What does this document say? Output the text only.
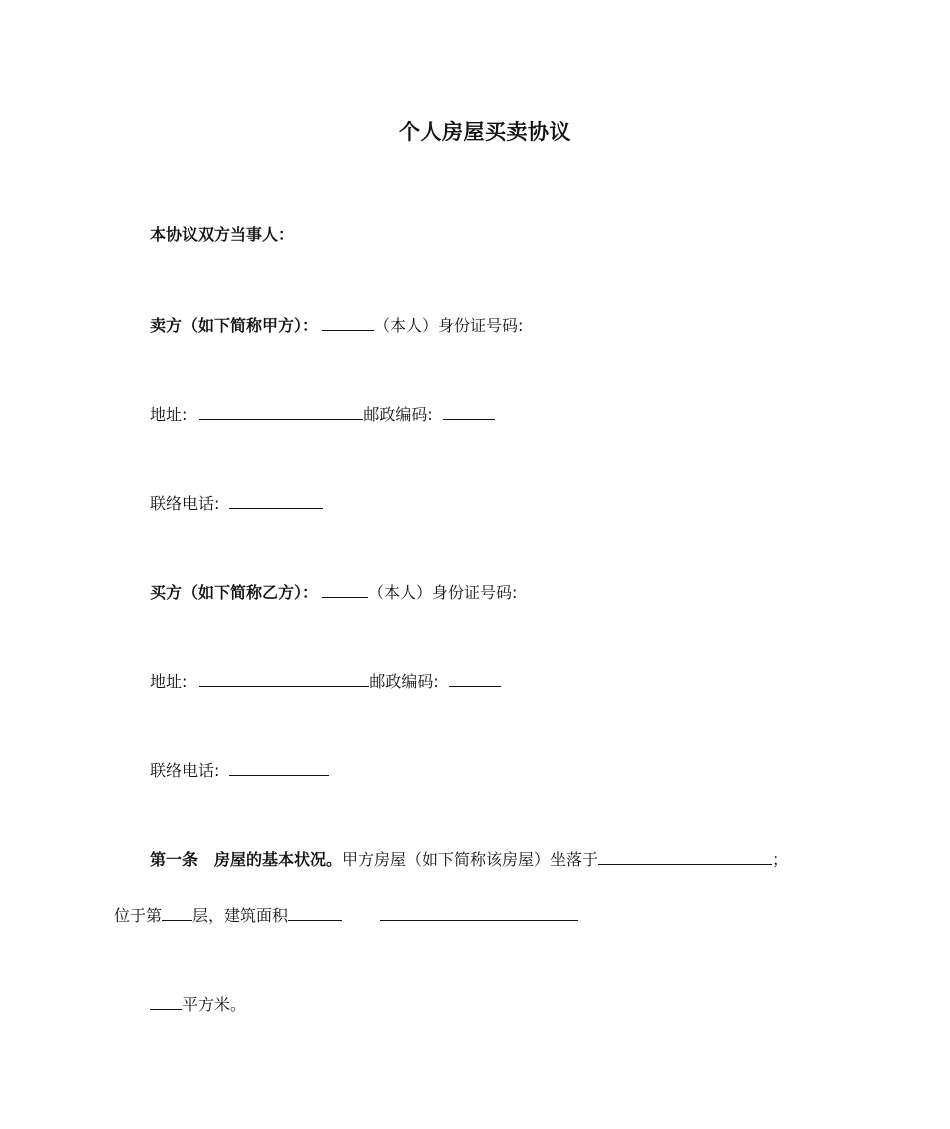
个人房屋买卖协议
本协议双方当事人：
卖方（如下简称甲方）：	（本人）身份证号码:
地址:	邮政编码:
联络电话:
买方（如下简称乙方）：	（本人）身份证号码:
地址:	邮政编码:
联络电话:
第一条 房屋的基本状况。甲方房屋（如下简称该房屋）坐落于	；
位于第 层，建筑面积
平方米。
